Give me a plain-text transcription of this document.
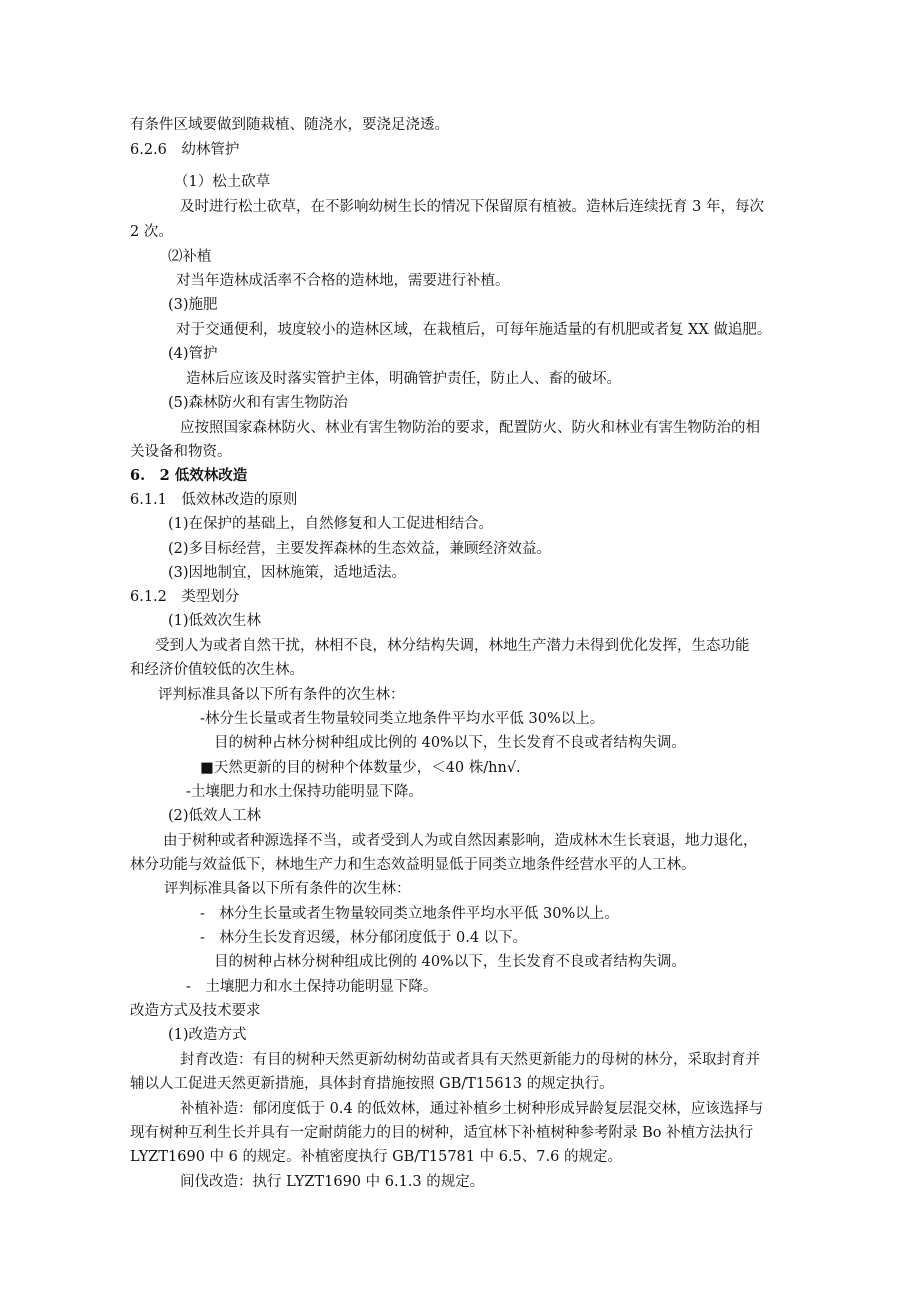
有条件区域要做到随栽植、随浇水，要浇足浇透。
6.2.6　幼林管护
（1）松土砍草
及时进行松土砍草，在不影响幼树生长的情况下保留原有植被。造林后连续抚育 3 年，每次
2 次。
⑵补植
对当年造林成活率不合格的造林地，需要进行补植。
(3)施肥
对于交通便利，坡度较小的造林区域，在栽植后，可每年施适量的有机肥或者复 XX 做追肥。
(4)管护
造林后应该及时落实管护主体，明确管护责任，防止人、畜的破坏。
(5)森林防火和有害生物防治
应按照国家森林防火、林业有害生物防治的要求，配置防火、防火和林业有害生物防治的相
关设备和物资。
6.　2 低效林改造
6.1.1　低效林改造的原则
(1)在保护的基础上，自然修复和人工促进相结合。
(2)多目标经营，主要发挥森林的生态效益，兼顾经济效益。
(3)因地制宜，因林施策，适地适法。
6.1.2　类型划分
(1)低效次生林
受到人为或者自然干扰，林相不良，林分结构失调，林地生产潜力未得到优化发挥，生态功能
和经济价值较低的次生林。
评判标准具备以下所有条件的次生林：
-林分生长量或者生物量较同类立地条件平均水平低 30%以上。
目的树种占林分树种组成比例的 40%以下，生长发育不良或者结构失调。
■天然更新的目的树种个体数量少，＜40 株/hn√.
-土壤肥力和水土保持功能明显下降。
(2)低效人工林
由于树种或者种源选择不当，或者受到人为或自然因素影响，造成林木生长衰退，地力退化，
林分功能与效益低下，林地生产力和生态效益明显低于同类立地条件经营水平的人工林。
评判标准具备以下所有条件的次生林：
-　林分生长量或者生物量较同类立地条件平均水平低 30%以上。
-　林分生长发育迟缓，林分郁闭度低于 0.4 以下。
目的树种占林分树种组成比例的 40%以下，生长发育不良或者结构失调。
-　土壤肥力和水土保持功能明显下降。
改造方式及技术要求
(1)改造方式
封育改造：有目的树种天然更新幼树幼苗或者具有天然更新能力的母树的林分，采取封育并
辅以人工促进天然更新措施，具体封育措施按照 GB/T15613 的规定执行。
补植补造：郁闭度低于 0.4 的低效林，通过补植乡土树种形成异龄复层混交林，应该选择与
现有树种互利生长并具有一定耐荫能力的目的树种，适宜林下补植树种参考附录 Bo 补植方法执行
LYZT1690 中 6 的规定。补植密度执行 GB/T15781 中 6.5、7.6 的规定。
间伐改造：执行 LYZT1690 中 6.1.3 的规定。
